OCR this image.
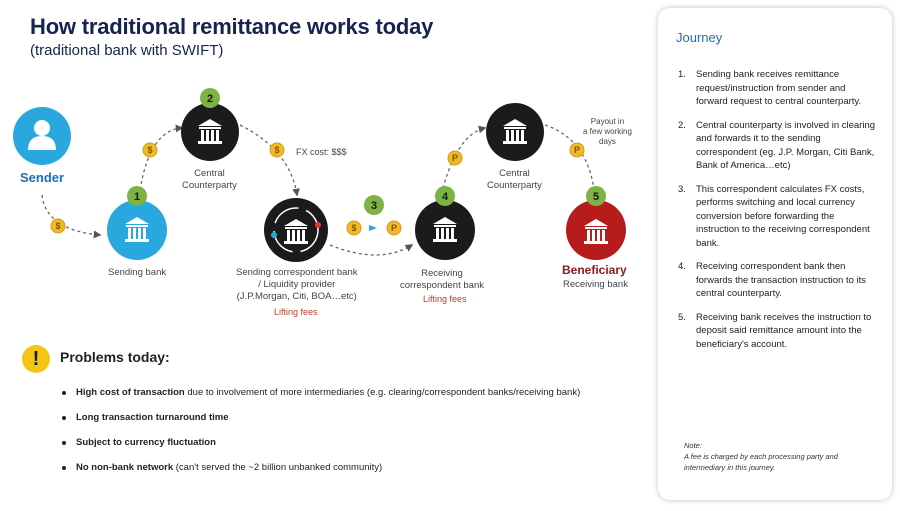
How traditional remittance works today
(traditional bank with SWIFT)
1
2
3
4	5
$
$	$
$	P
P
P
Sender
Sending bank
Central
Counterparty
FX cost: $$$
Sending correspondent bank
/ Liquidity provider
(J.P.Morgan, Citi, BOA…etc)
Lifting fees
Receiving
correspondent bank
Lifting fees
Central
Counterparty
Payout in
a few working
days
Beneficiary
Receiving bank
!	Problems today:
High cost of transaction due to involvement of more intermediaries (e.g. clearing/correspondent banks/receiving bank)
Long transaction turnaround time
Subject to currency fluctuation
No non-bank network (can't served the ~2 billion unbanked community)
Journey
1. Sending bank receives remittance request/instruction from sender and forward request to central counterparty.
2. Central counterparty is involved in clearing and forwards it to the sending correspondent (eg. J.P. Morgan, Citi Bank, Bank of America…etc)
3. This correspondent calculates FX costs, performs switching and local currency conversion before forwarding the instruction to the receiving correspondent bank.
4. Receiving correspondent bank then forwards the transaction instruction to its central counterparty.
5. Receiving bank receives the instruction to deposit said remittance amount into the beneficiary's account.
Note:
A fee is charged by each processing party and intermediary in this journey.
